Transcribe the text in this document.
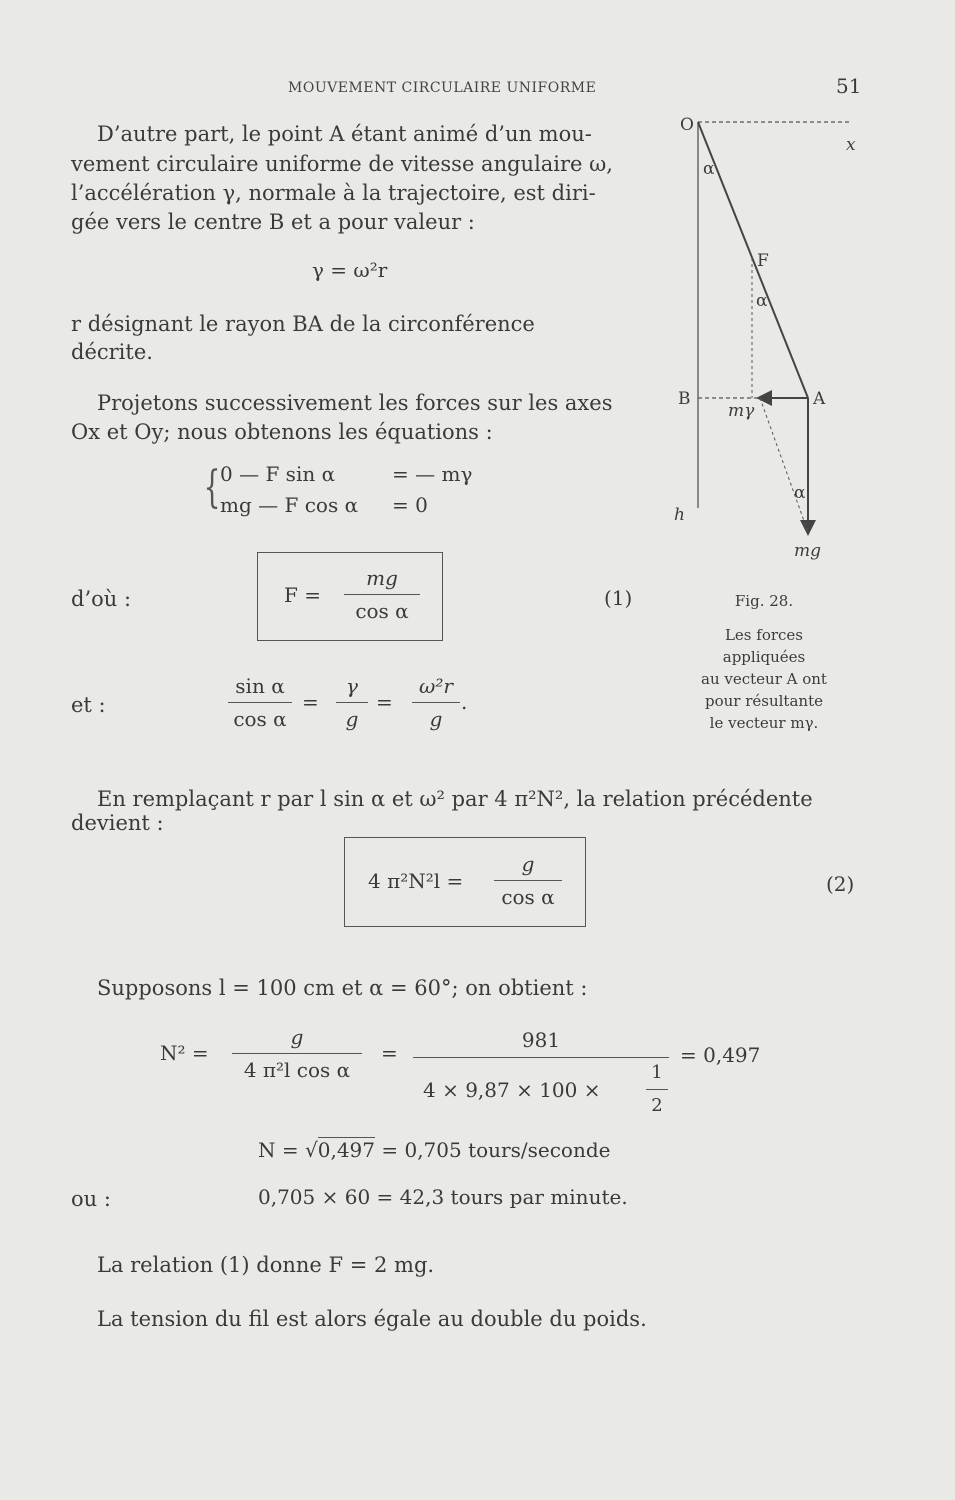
MOUVEMENT CIRCULAIRE UNIFORME	51
D’autre part, le point A étant animé d’un mou-
vement circulaire uniforme de vitesse angulaire ω,
l’accélération γ, normale à la trajectoire, est diri-
gée vers le centre B et a pour valeur :
γ = ω²r
r désignant le rayon BA de la circonférence
décrite.
Projetons successivement les forces sur les axes
Ox et Oy; nous obtenons les équations :
{ 0 — F sin α	= — mγ
mg — F cos α = 0
d’où :	F =
mg
cos α
(1)
et :
sin α
cos α
=
γ
g
=
ω²r
g
.
O
x
α
F
α
B	A
mγ
h
α
mg
Fig. 28.
Les forces
appliquées
au vecteur A ont
pour résultante
le vecteur mγ.
En remplaçant r par l sin α et ω² par 4 π²N², la relation précédente
devient :
4 π²N²l =
g
cos α
(2)
Supposons l = 100 cm et α = 60°; on obtient :
N² =
g
4 π²l cos α
=
981
4 × 9,87 × 100 ×
1
2
= 0,497
N = √0,497 = 0,705 tours/seconde
ou :	0,705 × 60 = 42,3 tours par minute.
La relation (1) donne F = 2 mg.
La tension du fil est alors égale au double du poids.
